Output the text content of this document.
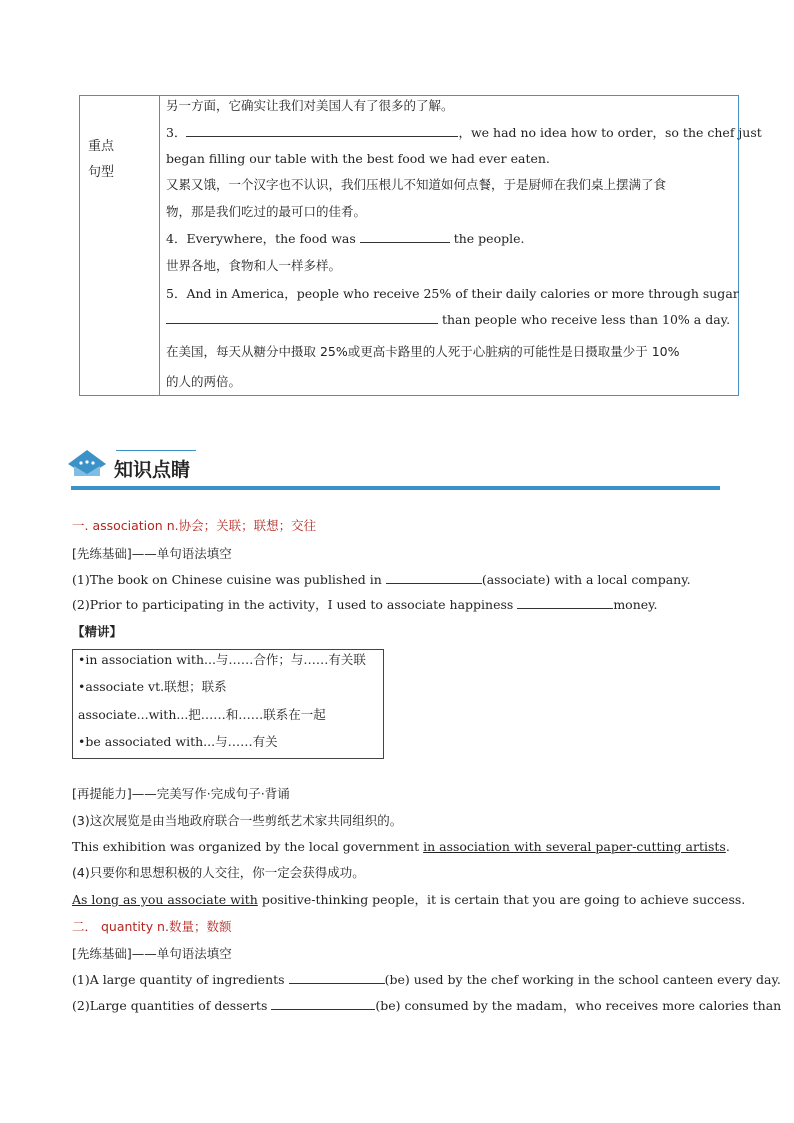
重点
句型
另一方面，它确实让我们对美国人有了很多的了解。
3．	，we had no idea how to order，so the chef just
began filling our table with the best food we had ever eaten.
又累又饿，一个汉字也不认识，我们压根儿不知道如何点餐，于是厨师在我们桌上摆满了食
物，那是我们吃过的最可口的佳肴。
4．Everywhere，the food was	the people.
世界各地，食物和人一样多样。
5．And in America，people who receive 25% of their daily calories or more through sugar
than people who receive less than 10% a day.
在美国，每天从糖分中摄取 25%或更高卡路里的人死于心脏病的可能性是日摄取量少于 10%
的人的两倍。
知识点睛
一. association n.协会；关联；联想；交往
[先练基础]——单句语法填空
(1)The book on Chinese cuisine was published in	(associate) with a local company.
(2)Prior to participating in the activity，I used to associate happiness	money.
【精讲】
•in association with...与……合作；与……有关联
•associate vt.联想；联系
associate...with...把……和……联系在一起
•be associated with...与……有关
[再提能力]——完美写作·完成句子·背诵
(3)这次展览是由当地政府联合一些剪纸艺术家共同组织的。
This exhibition was organized by the local government in association with several paper-cutting artists.
(4)只要你和思想积极的人交往，你一定会获得成功。
As long as you associate with positive-thinking people，it is certain that you are going to achieve success.
二． quantity n.数量；数额
[先练基础]——单句语法填空
(1)A large quantity of ingredients	(be) used by the chef working in the school canteen every day.
(2)Large quantities of desserts	(be) consumed by the madam，who receives more calories than
